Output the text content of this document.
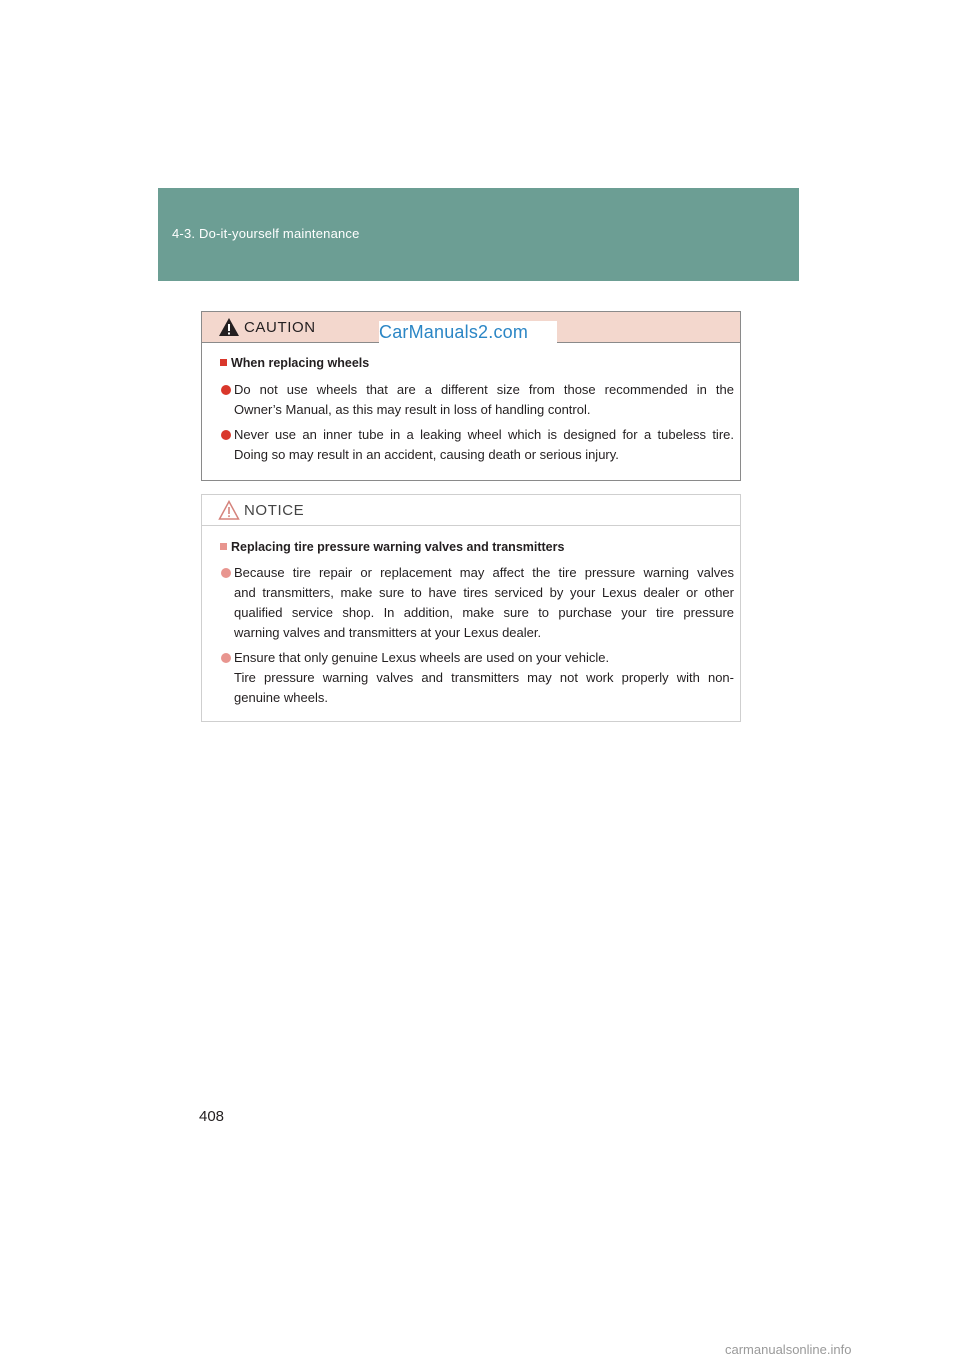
4-3. Do-it-yourself maintenance
CAUTION
When replacing wheels
CarManuals2.com
Do not use wheels that are a different size from those recommended in the
Owner’s Manual, as this may result in loss of handling control.
Never use an inner tube in a leaking wheel which is designed for a tubeless tire.
Doing so may result in an accident, causing death or serious injury.
NOTICE
Replacing tire pressure warning valves and transmitters
Because tire repair or replacement may affect the tire pressure warning valves
and transmitters, make sure to have tires serviced by your Lexus dealer or other
qualified service shop. In addition, make sure to purchase your tire pressure
warning valves and transmitters at your Lexus dealer.
Ensure that only genuine Lexus wheels are used on your vehicle.
Tire pressure warning valves and transmitters may not work properly with non-
genuine wheels.
408
carmanualsonline.info
